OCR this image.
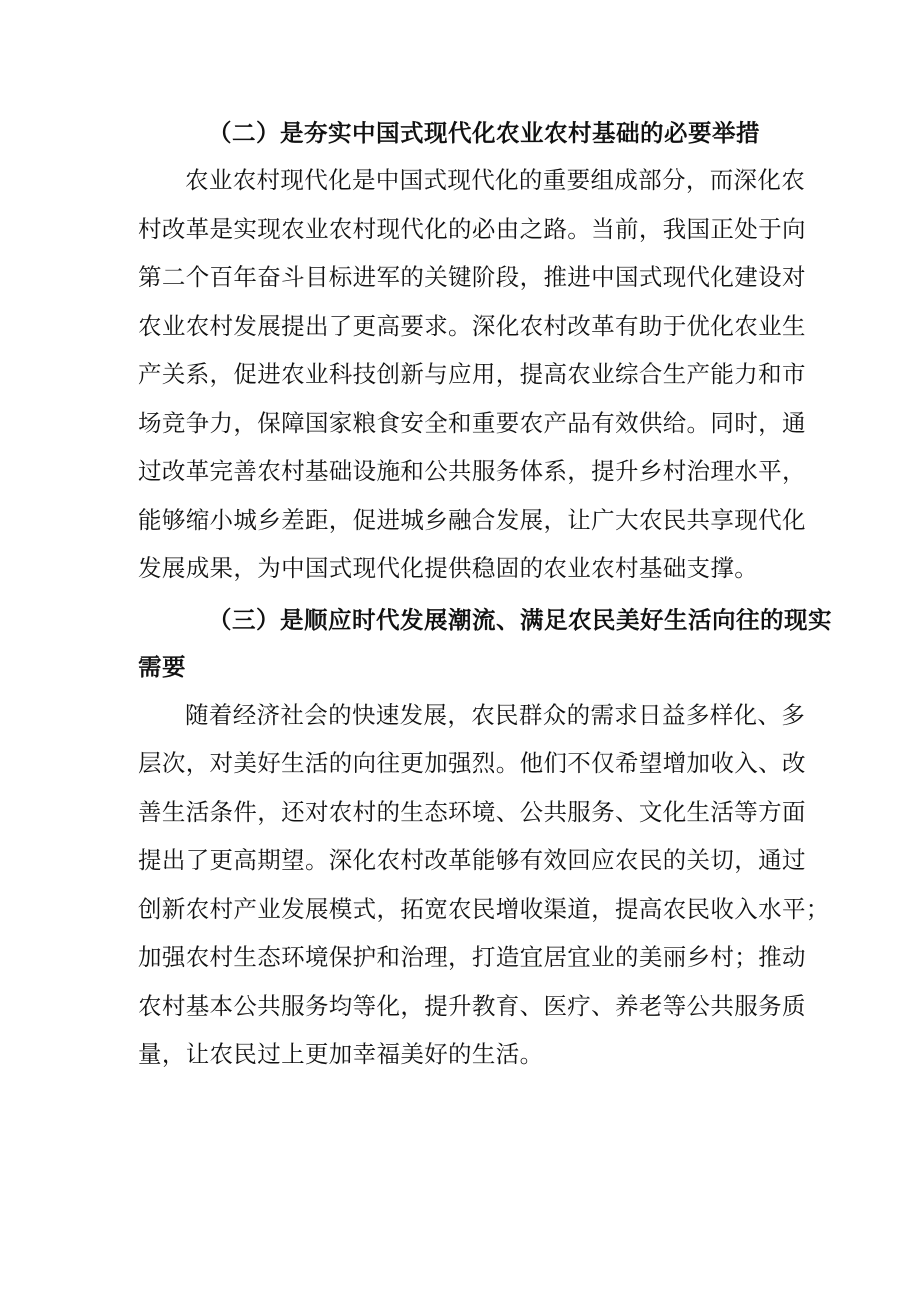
（二）是夯实中国式现代化农业农村基础的必要举措
农业农村现代化是中国式现代化的重要组成部分，而深化农
村改革是实现农业农村现代化的必由之路。当前，我国正处于向
第二个百年奋斗目标进军的关键阶段，推进中国式现代化建设对
农业农村发展提出了更高要求。深化农村改革有助于优化农业生
产关系，促进农业科技创新与应用，提高农业综合生产能力和市
场竞争力，保障国家粮食安全和重要农产品有效供给。同时，通
过改革完善农村基础设施和公共服务体系，提升乡村治理水平，
能够缩小城乡差距，促进城乡融合发展，让广大农民共享现代化
发展成果，为中国式现代化提供稳固的农业农村基础支撑。
（三）是顺应时代发展潮流、满足农民美好生活向往的现实
需要
随着经济社会的快速发展，农民群众的需求日益多样化、多
层次，对美好生活的向往更加强烈。他们不仅希望增加收入、改
善生活条件，还对农村的生态环境、公共服务、文化生活等方面
提出了更高期望。深化农村改革能够有效回应农民的关切，通过
创新农村产业发展模式，拓宽农民增收渠道，提高农民收入水平；
加强农村生态环境保护和治理，打造宜居宜业的美丽乡村；推动
农村基本公共服务均等化，提升教育、医疗、养老等公共服务质
量，让农民过上更加幸福美好的生活。
